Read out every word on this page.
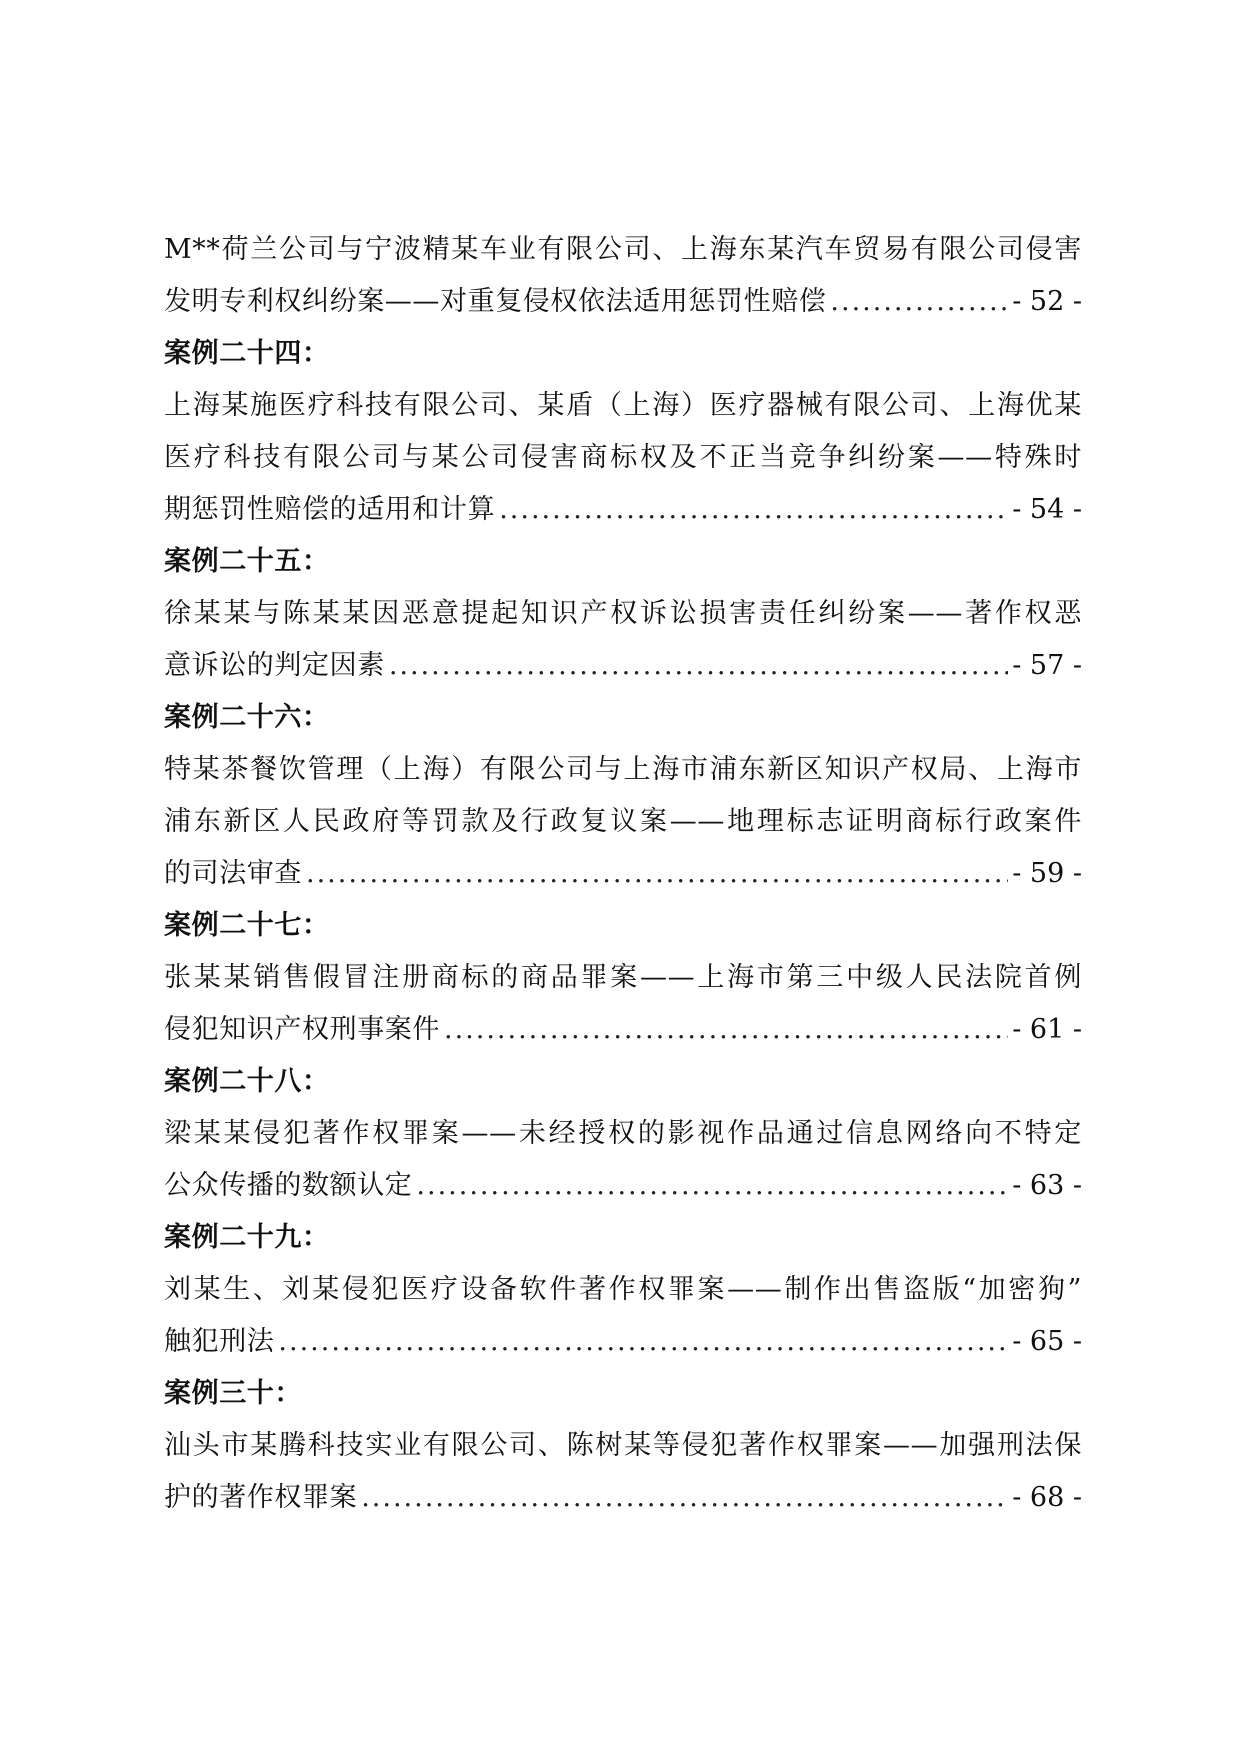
M**荷兰公司与宁波精某车业有限公司、上海东某汽车贸易有限公司侵害
发明专利权纠纷案——对重复侵权依法适用惩罚性赔偿 .....	- 52 -
案例二十四：
上海某施医疗科技有限公司、某盾（上海）医疗器械有限公司、上海优某
医疗科技有限公司与某公司侵害商标权及不正当竞争纠纷案——特殊时
期惩罚性赔偿的适用和计算 .....	- 54 -
案例二十五：
徐某某与陈某某因恶意提起知识产权诉讼损害责任纠纷案——著作权恶
意诉讼的判定因素 .....	- 57 -
案例二十六：
特某茶餐饮管理（上海）有限公司与上海市浦东新区知识产权局、上海市
浦东新区人民政府等罚款及行政复议案——地理标志证明商标行政案件
的司法审查 .....	- 59 -
案例二十七：
张某某销售假冒注册商标的商品罪案——上海市第三中级人民法院首例
侵犯知识产权刑事案件 .....	- 61 -
案例二十八：
梁某某侵犯著作权罪案——未经授权的影视作品通过信息网络向不特定
公众传播的数额认定 .....	- 63 -
案例二十九：
刘某生、刘某侵犯医疗设备软件著作权罪案——制作出售盗版“加密狗”
触犯刑法 .....	- 65 -
案例三十：
汕头市某腾科技实业有限公司、陈树某等侵犯著作权罪案——加强刑法保
护的著作权罪案 .....	- 68 -
